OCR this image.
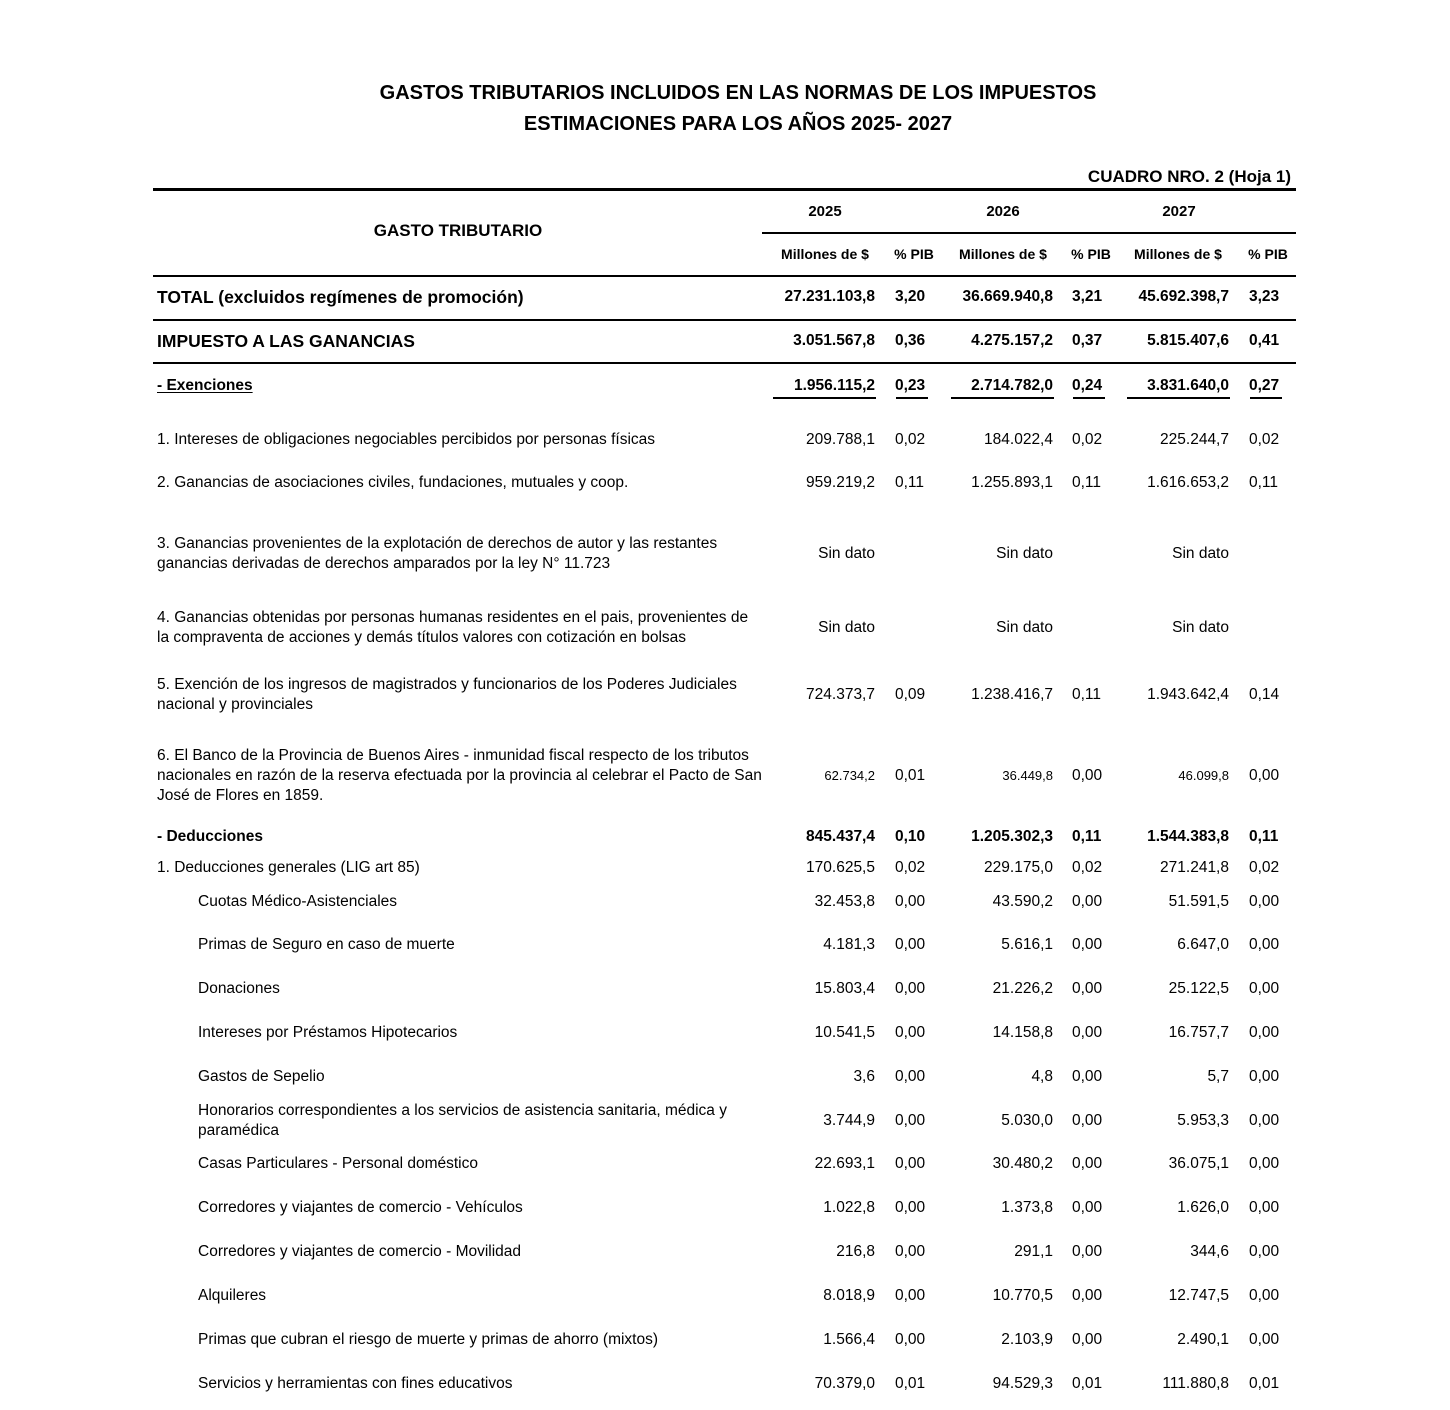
GASTOS TRIBUTARIOS INCLUIDOS EN LAS NORMAS DE LOS IMPUESTOS
ESTIMACIONES PARA LOS AÑOS 2025- 2027
CUADRO NRO. 2 (Hoja 1)
GASTO TRIBUTARIO
2025	2026	2027
Millones de $	% PIB	Millones de $	% PIB	Millones de $	% PIB
TOTAL (excluidos regímenes de promoción)	27.231.103,8 3,20 36.669.940,8 3,21 45.692.398,7 3,23
IMPUESTO A LAS GANANCIAS	3.051.567,8 0,36	4.275.157,2 0,37	5.815.407,6 0,41
- Exenciones	1.956.115,2 0,23	2.714.782,0 0,24	3.831.640,0 0,27
1. Intereses de obligaciones negociables percibidos por personas físicas	209.788,1 0,02	184.022,4 0,02	225.244,7 0,02
2. Ganancias de asociaciones civiles, fundaciones, mutuales y coop.	959.219,2 0,11	1.255.893,1 0,11	1.616.653,2 0,11
3. Ganancias provenientes de la explotación de derechos de autor y las restantes ganancias derivadas de derechos amparados por la ley N° 11.723
Sin dato	Sin dato	Sin dato
4. Ganancias obtenidas por personas humanas residentes en el pais, provenientes de la compraventa de acciones y demás títulos valores con cotización en bolsas
Sin dato	Sin dato	Sin dato
5. Exención de los ingresos de magistrados y funcionarios de los Poderes Judiciales nacional y provinciales
724.373,7 0,09	1.238.416,7 0,11	1.943.642,4 0,14
6. El Banco de la Provincia de Buenos Aires - inmunidad fiscal respecto de los tributos nacionales en razón de la reserva efectuada por la provincia al celebrar el Pacto de San José de Flores en 1859.
62.734,2 0,01	36.449,8 0,00	46.099,8 0,00
- Deducciones	845.437,4 0,10	1.205.302,3 0,11	1.544.383,8 0,11
1. Deducciones generales (LIG art 85)	170.625,5 0,02	229.175,0 0,02	271.241,8 0,02
Cuotas Médico-Asistenciales	32.453,8 0,00	43.590,2 0,00	51.591,5 0,00
Primas de Seguro en caso de muerte	4.181,3 0,00	5.616,1 0,00	6.647,0 0,00
Donaciones	15.803,4 0,00	21.226,2 0,00	25.122,5 0,00
Intereses por Préstamos Hipotecarios	10.541,5 0,00	14.158,8 0,00	16.757,7 0,00
Gastos de Sepelio	3,6 0,00	4,8 0,00	5,7 0,00
Honorarios correspondientes a los servicios de asistencia sanitaria, médica y paramédica
3.744,9 0,00	5.030,0 0,00	5.953,3 0,00
Casas Particulares - Personal doméstico	22.693,1 0,00	30.480,2 0,00	36.075,1 0,00
Corredores y viajantes de comercio - Vehículos	1.022,8 0,00	1.373,8 0,00	1.626,0 0,00
Corredores y viajantes de comercio - Movilidad	216,8 0,00	291,1 0,00	344,6 0,00
Alquileres	8.018,9 0,00	10.770,5 0,00	12.747,5 0,00
Primas que cubran el riesgo de muerte y primas de ahorro (mixtos)	1.566,4 0,00	2.103,9 0,00	2.490,1 0,00
Servicios y herramientas con fines educativos	70.379,0 0,01	94.529,3 0,01	111.880,8 0,01
